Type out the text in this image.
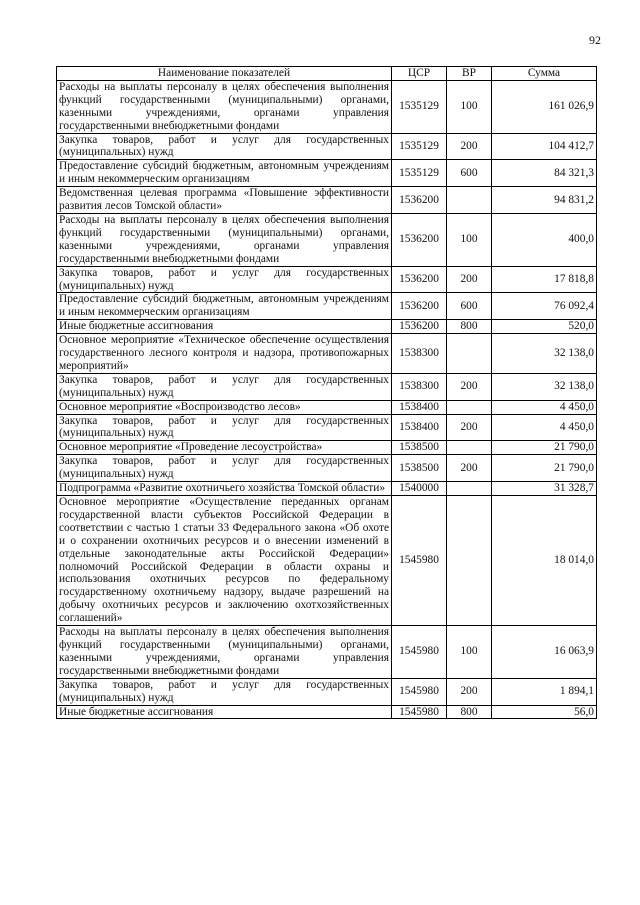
92
Наименование показателей	ЦСР	ВР	Сумма
Расходы на выплаты персоналу в целях обеспечения выполнения функций государственными (муниципальными) органами, казенными учреждениями, органами управления государственными внебюджетными фондами	1535129	100	161 026,9
Закупка товаров, работ и услуг для государственных (муниципальных) нужд	1535129	200	104 412,7
Предоставление субсидий бюджетным, автономным учреждениям и иным некоммерческим организациям	1535129	600	84 321,3
Ведомственная целевая программа «Повышение эффективности развития лесов Томской области»	1536200		94 831,2
Расходы на выплаты персоналу в целях обеспечения выполнения функций государственными (муниципальными) органами, казенными учреждениями, органами управления государственными внебюджетными фондами	1536200	100	400,0
Закупка товаров, работ и услуг для государственных (муниципальных) нужд	1536200	200	17 818,8
Предоставление субсидий бюджетным, автономным учреждениям и иным некоммерческим организациям	1536200	600	76 092,4
Иные бюджетные ассигнования	1536200	800	520,0
Основное мероприятие «Техническое обеспечение осуществления государственного лесного контроля и надзора, противопожарных мероприятий»	1538300		32 138,0
Закупка товаров, работ и услуг для государственных (муниципальных) нужд	1538300	200	32 138,0
Основное мероприятие «Воспроизводство лесов»	1538400		4 450,0
Закупка товаров, работ и услуг для государственных (муниципальных) нужд	1538400	200	4 450,0
Основное мероприятие «Проведение лесоустройства»	1538500		21 790,0
Закупка товаров, работ и услуг для государственных (муниципальных) нужд	1538500	200	21 790,0
Подпрограмма «Развитие охотничьего хозяйства Томской области»	1540000		31 328,7
Основное мероприятие «Осуществление переданных органам государственной власти субъектов Российской Федерации в соответствии с частью 1 статьи 33 Федерального закона «Об охоте и о сохранении охотничьих ресурсов и о внесении изменений в отдельные законодательные акты Российской Федерации» полномочий Российской Федерации в области охраны и использования охотничьих ресурсов по федеральному государственному охотничьему надзору, выдаче разрешений на добычу охотничьих ресурсов и заключению охотхозяйственных соглашений»	1545980		18 014,0
Расходы на выплаты персоналу в целях обеспечения выполнения функций государственными (муниципальными) органами, казенными учреждениями, органами управления государственными внебюджетными фондами	1545980	100	16 063,9
Закупка товаров, работ и услуг для государственных (муниципальных) нужд	1545980	200	1 894,1
Иные бюджетные ассигнования	1545980	800	56,0
